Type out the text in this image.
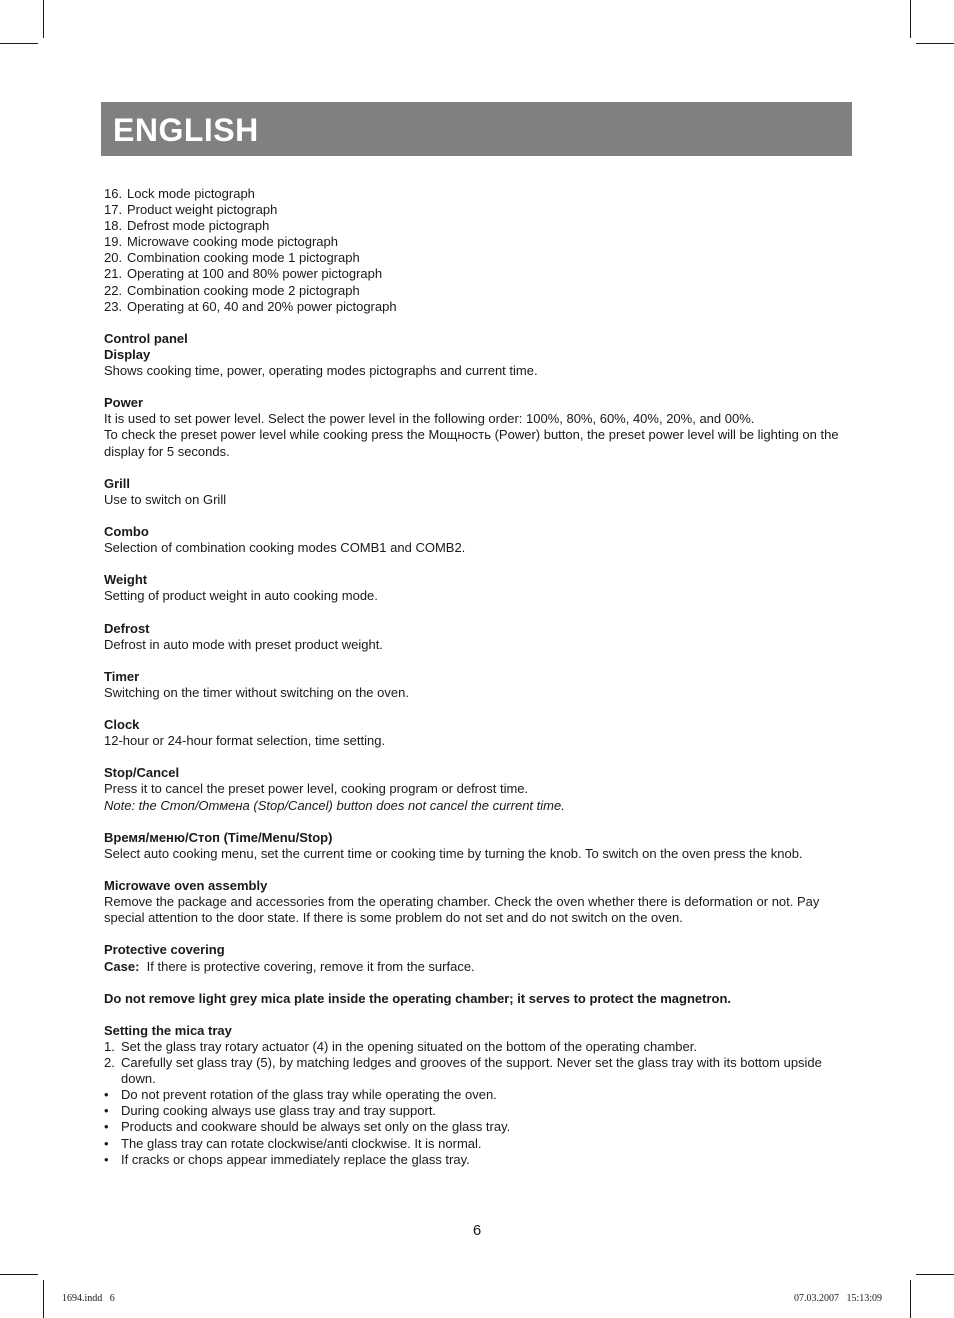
ENGLISH
16. Lock mode pictograph
17. Product weight pictograph
18. Defrost mode pictograph
19. Microwave cooking mode pictograph
20. Combination cooking mode 1 pictograph
21. Operating at 100 and 80% power pictograph
22. Combination cooking mode 2 pictograph
23. Operating at 60, 40 and 20% power pictograph
Control panel
Display
Shows cooking time, power, operating modes pictographs and current time.
Power
It is used to set power level. Select the power level in the following order: 100%, 80%, 60%, 40%, 20%, and 00%.
To check the preset power level while cooking press the Мощность (Power) button, the preset power level will be lighting on the display for 5 seconds.
Grill
Use to switch on Grill
Combo
Selection of combination cooking modes COMB1 and COMB2.
Weight
Setting of product weight in auto cooking mode.
Defrost
Defrost in auto mode with preset product weight.
Timer
Switching on the timer without switching on the oven.
Clock
12-hour or 24-hour format selection, time setting.
Stop/Cancel
Press it to cancel the preset power level, cooking program or defrost time.
Note: the Стоп/Отмена (Stop/Cancel) button does not cancel the current time.
Время/меню/Стоп (Time/Menu/Stop)
Select auto cooking menu, set the current time or cooking time by turning the knob. To switch on the oven press the knob.
Microwave oven assembly
Remove the package and accessories from the operating chamber. Check the oven whether there is deformation or not. Pay special attention to the door state. If there is some problem do not set and do not switch on the oven.
Protective covering
Case:  If there is protective covering, remove it from the surface.
Do not remove light grey mica plate inside the operating chamber; it serves to protect the magnetron.
Setting the mica tray
1. Set the glass tray rotary actuator (4) in the opening situated on the bottom of the operating chamber.
2. Carefully set glass tray (5), by matching ledges and grooves of the support. Never set the glass tray with its bottom upside down.
• Do not prevent rotation of the glass tray while operating the oven.
• During cooking always use glass tray and tray support.
• Products and cookware should be always set only on the glass tray.
• The glass tray can rotate clockwise/anti clockwise. It is normal.
• If cracks or chops appear immediately replace the glass tray.
6
1694.indd   6	07.03.2007   15:13:09
